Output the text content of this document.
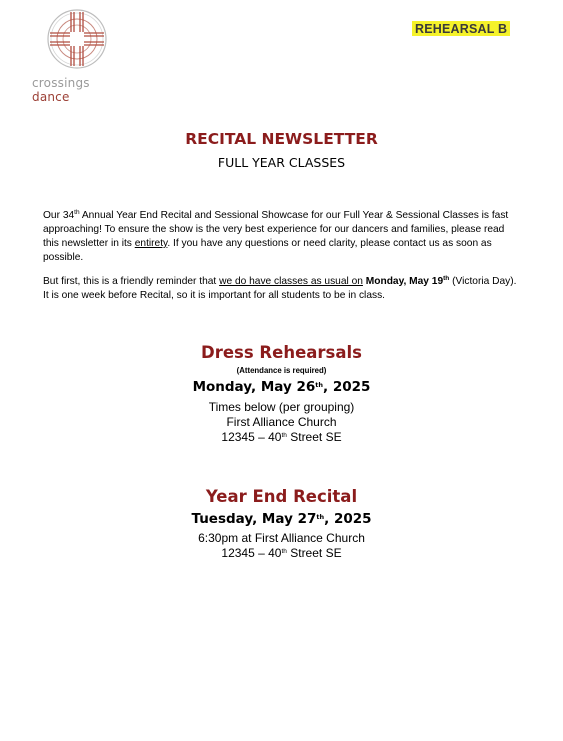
crossings dance
REHEARSAL B
RECITAL NEWSLETTER
FULL YEAR CLASSES
Our 34th Annual Year End Recital and Sessional Showcase for our Full Year & Sessional Classes is fast approaching! To ensure the show is the very best experience for our dancers and families, please read this newsletter in its entirety. If you have any questions or need clarity, please contact us as soon as possible.
But first, this is a friendly reminder that we do have classes as usual on Monday, May 19th (Victoria Day). It is one week before Recital, so it is important for all students to be in class.
Dress Rehearsals
(Attendance is required)
Monday, May 26th, 2025
Times below (per grouping)
First Alliance Church
12345 – 40th Street SE
Year End Recital
Tuesday, May 27th, 2025
6:30pm at First Alliance Church
12345 – 40th Street SE
